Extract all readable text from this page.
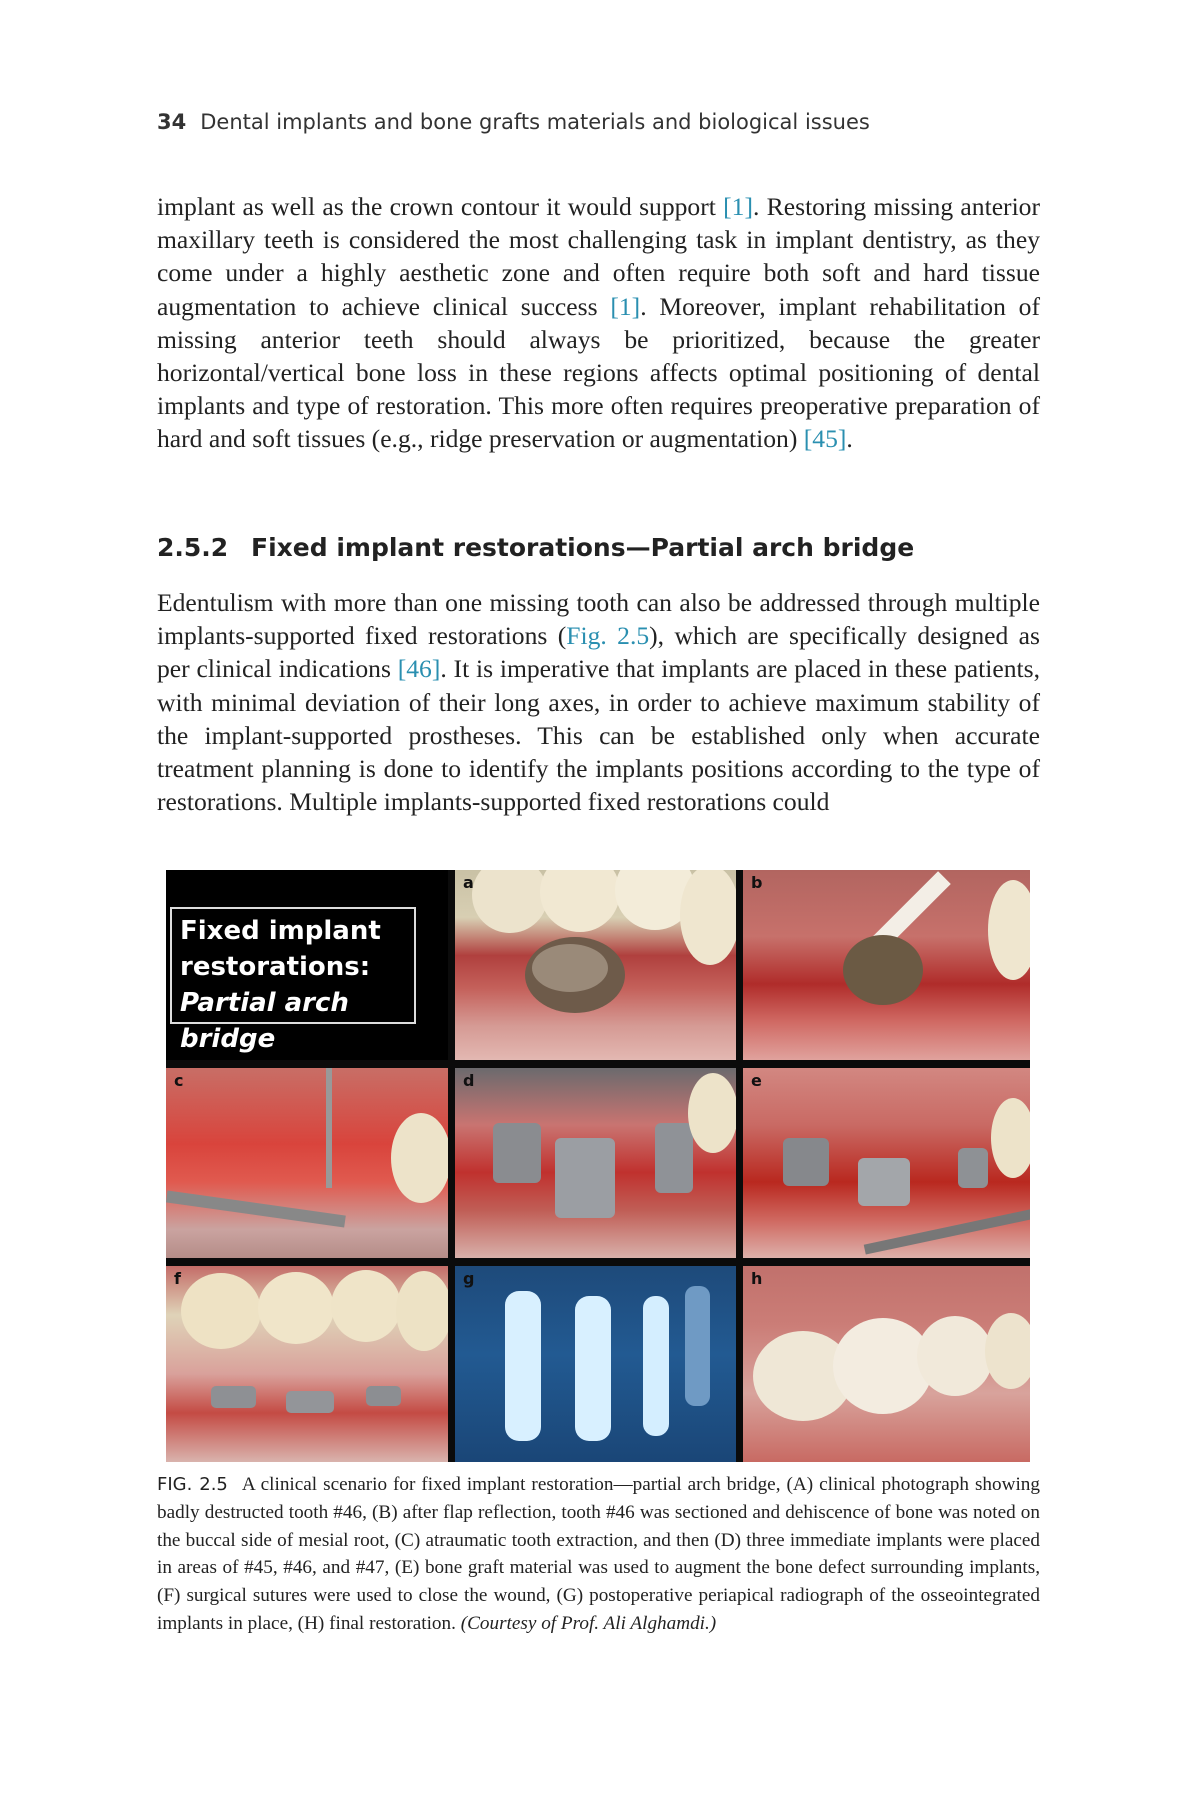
34 Dental implants and bone grafts materials and biological issues

implant as well as the crown contour it would support [1]. Restoring missing anterior maxillary teeth is considered the most challenging task in implant dentistry, as they come under a highly aesthetic zone and often require both soft and hard tissue augmentation to achieve clinical success [1]. Moreover, implant rehabilitation of missing anterior teeth should always be prioritized, because the greater horizontal/vertical bone loss in these regions affects optimal positioning of dental implants and type of restoration. This more often requires preoperative preparation of hard and soft tissues (e.g., ridge preservation or augmentation) [45].

2.5.2 Fixed implant restorations—Partial arch bridge

Edentulism with more than one missing tooth can also be addressed through multiple implants-supported fixed restorations (Fig. 2.5), which are specifically designed as per clinical indications [46]. It is imperative that implants are placed in these patients, with minimal deviation of their long axes, in order to achieve maximum stability of the implant-supported prostheses. This can be established only when accurate treatment planning is done to identify the implants positions according to the type of restorations. Multiple implants-supported fixed restorations could

Fixed implant
restorations:
Partial arch bridge
a	b
c	d	e
f	g	h

FIG. 2.5 A clinical scenario for fixed implant restoration—partial arch bridge, (A) clinical photograph showing badly destructed tooth #46, (B) after flap reflection, tooth #46 was sectioned and dehiscence of bone was noted on the buccal side of mesial root, (C) atraumatic tooth extraction, and then (D) three immediate implants were placed in areas of #45, #46, and #47, (E) bone graft material was used to augment the bone defect surrounding implants, (F) surgical sutures were used to close the wound, (G) postoperative periapical radiograph of the osseointegrated implants in place, (H) final restoration. (Courtesy of Prof. Ali Alghamdi.)
